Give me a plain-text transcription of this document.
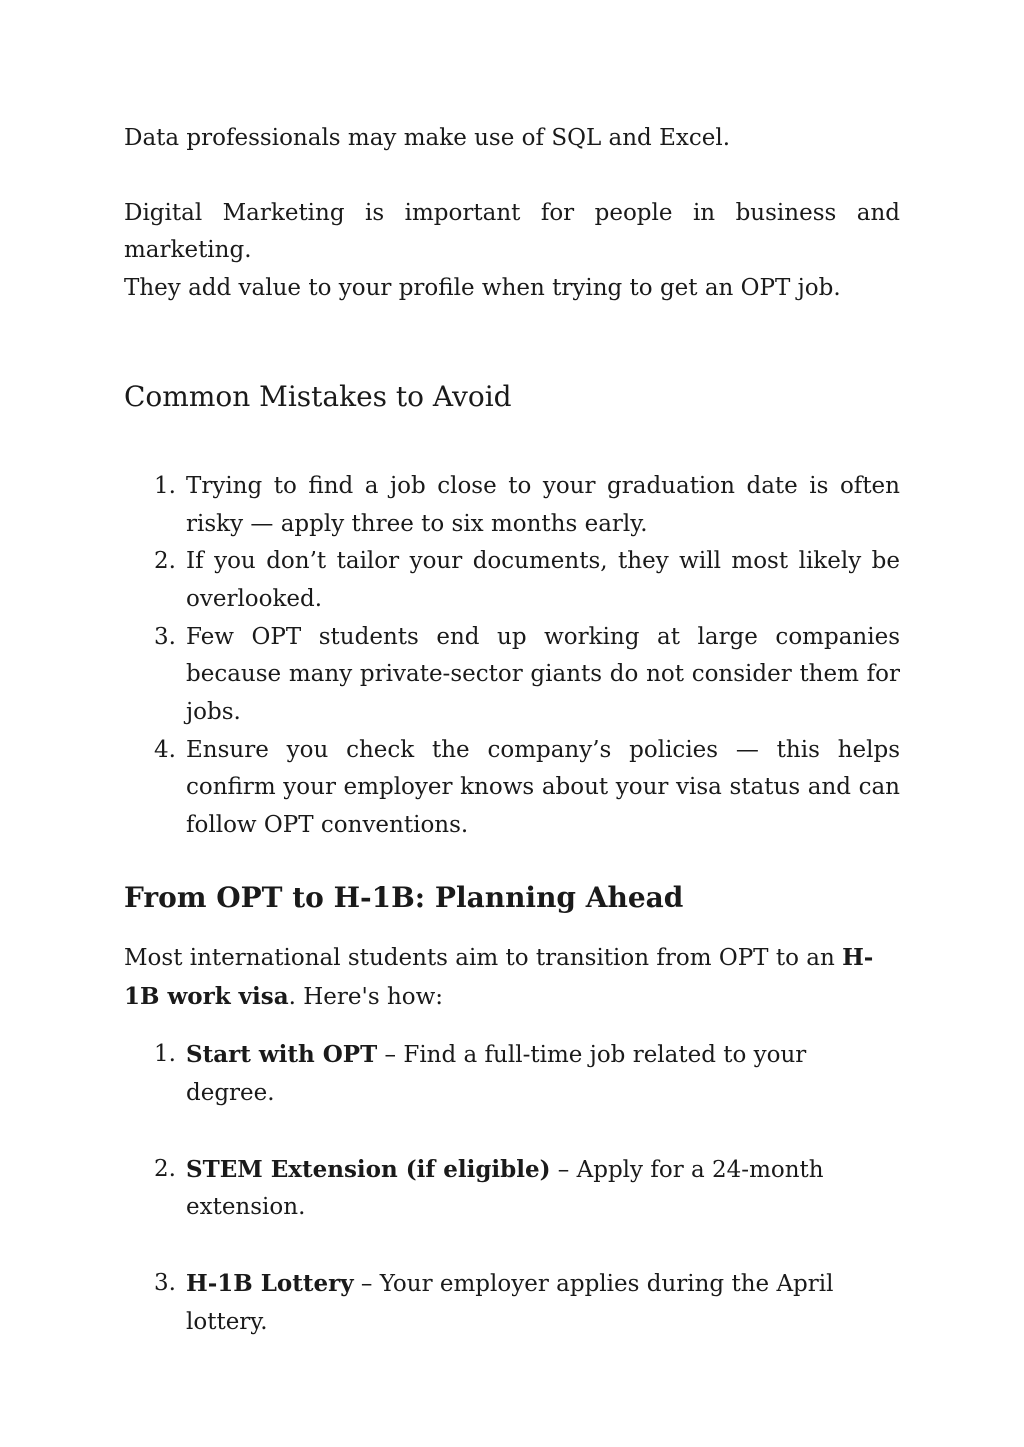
Data professionals may make use of SQL and Excel.

Digital Marketing is important for people in business and marketing.

They add value to your profile when trying to get an OPT job.

Common Mistakes to Avoid
1. Trying to find a job close to your graduation date is often risky — apply three to six months early.
2. If you don’t tailor your documents, they will most likely be overlooked.
3. Few OPT students end up working at large companies because many private-sector giants do not consider them for jobs.
4. Ensure you check the company’s policies — this helps confirm your employer knows about your visa status and can follow OPT conventions.
From OPT to H-1B: Planning Ahead

Most international students aim to transition from OPT to an H-1B work visa. Here's how:

1. Start with OPT – Find a full-time job related to your degree.
2. STEM Extension (if eligible) – Apply for a 24-month extension.
3. H-1B Lottery – Your employer applies during the April lottery.
